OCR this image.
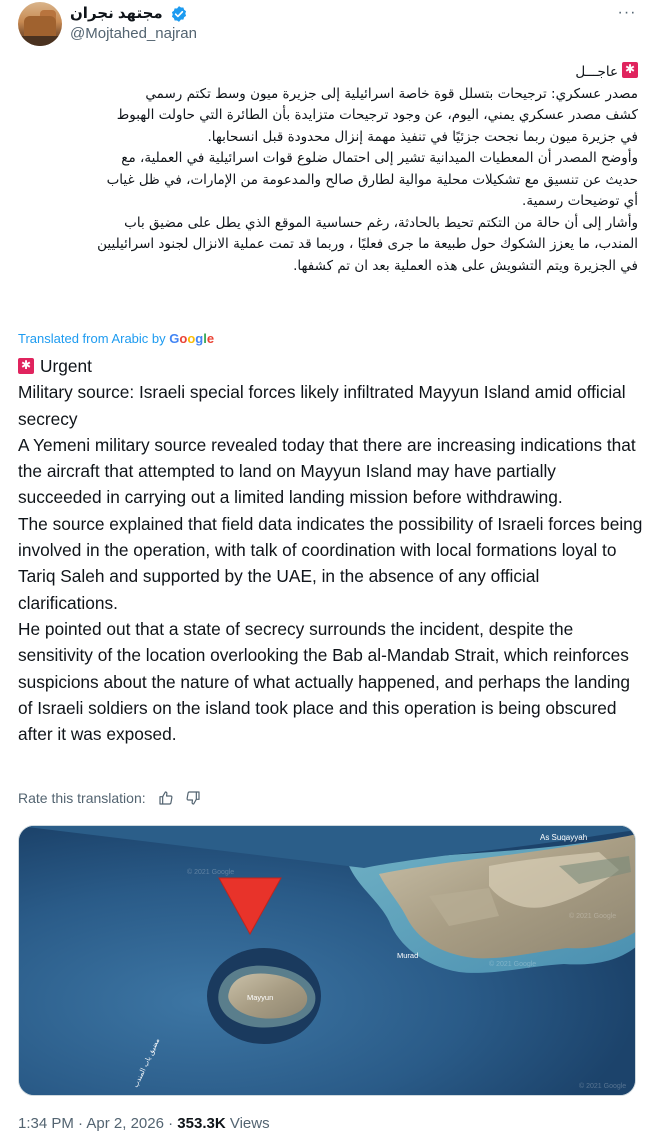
مجتهد نجران
@Mojtahed_najran
···

✱عاجـــل

مصدر عسكري: ترجيحات بتسلل قوة خاصة اسرائيلية إلى جزيرة ميون وسط تكتم رسمي

كشف مصدر عسكري يمني، اليوم، عن وجود ترجيحات متزايدة بأن الطائرة التي حاولت الهبوط

في جزيرة ميون ربما نجحت جزئيًا في تنفيذ مهمة إنزال محدودة قبل انسحابها.

وأوضح المصدر أن المعطيات الميدانية تشير إلى احتمال ضلوع قوات اسرائيلية في العملية، مع

حديث عن تنسيق مع تشكيلات محلية موالية لطارق صالح والمدعومة من الإمارات، في ظل غياب

أي توضيحات رسمية.

وأشار إلى أن حالة من التكتم تحيط بالحادثة، رغم حساسية الموقع الذي يطل على مضيق باب

المندب، ما يعزز الشكوك حول طبيعة ما جرى فعليًا ، وربما قد تمت عملية الانزال لجنود اسرائيليين

في الجزيرة ويتم التشويش على هذه العملية بعد ان تم كشفها.

Translated from Arabic by Google

✱Urgent

Military source: Israeli special forces likely infiltrated Mayyun Island amid official secrecy

A Yemeni military source revealed today that there are increasing indications that the aircraft that attempted to land on Mayyun Island may have partially succeeded in carrying out a limited landing mission before withdrawing.

The source explained that field data indicates the possibility of Israeli forces being involved in the operation, with talk of coordination with local formations loyal to Tariq Saleh and supported by the UAE, in the absence of any official clarifications.

He pointed out that a state of secrecy surrounds the incident, despite the sensitivity of the location overlooking the Bab al-Mandab Strait, which reinforces suspicions about the nature of what actually happened, and perhaps the landing of Israeli soldiers on the island took place and this operation is being obscured after it was exposed.

Rate this translation:
As Suqayyah
Murad
Mayyun
مضيق باب المندب
© 2021 Google
© 2021 Google
© 2021 Google
© 2021 Google
1:34 PM · Apr 2, 2026 · 353.3K Views
